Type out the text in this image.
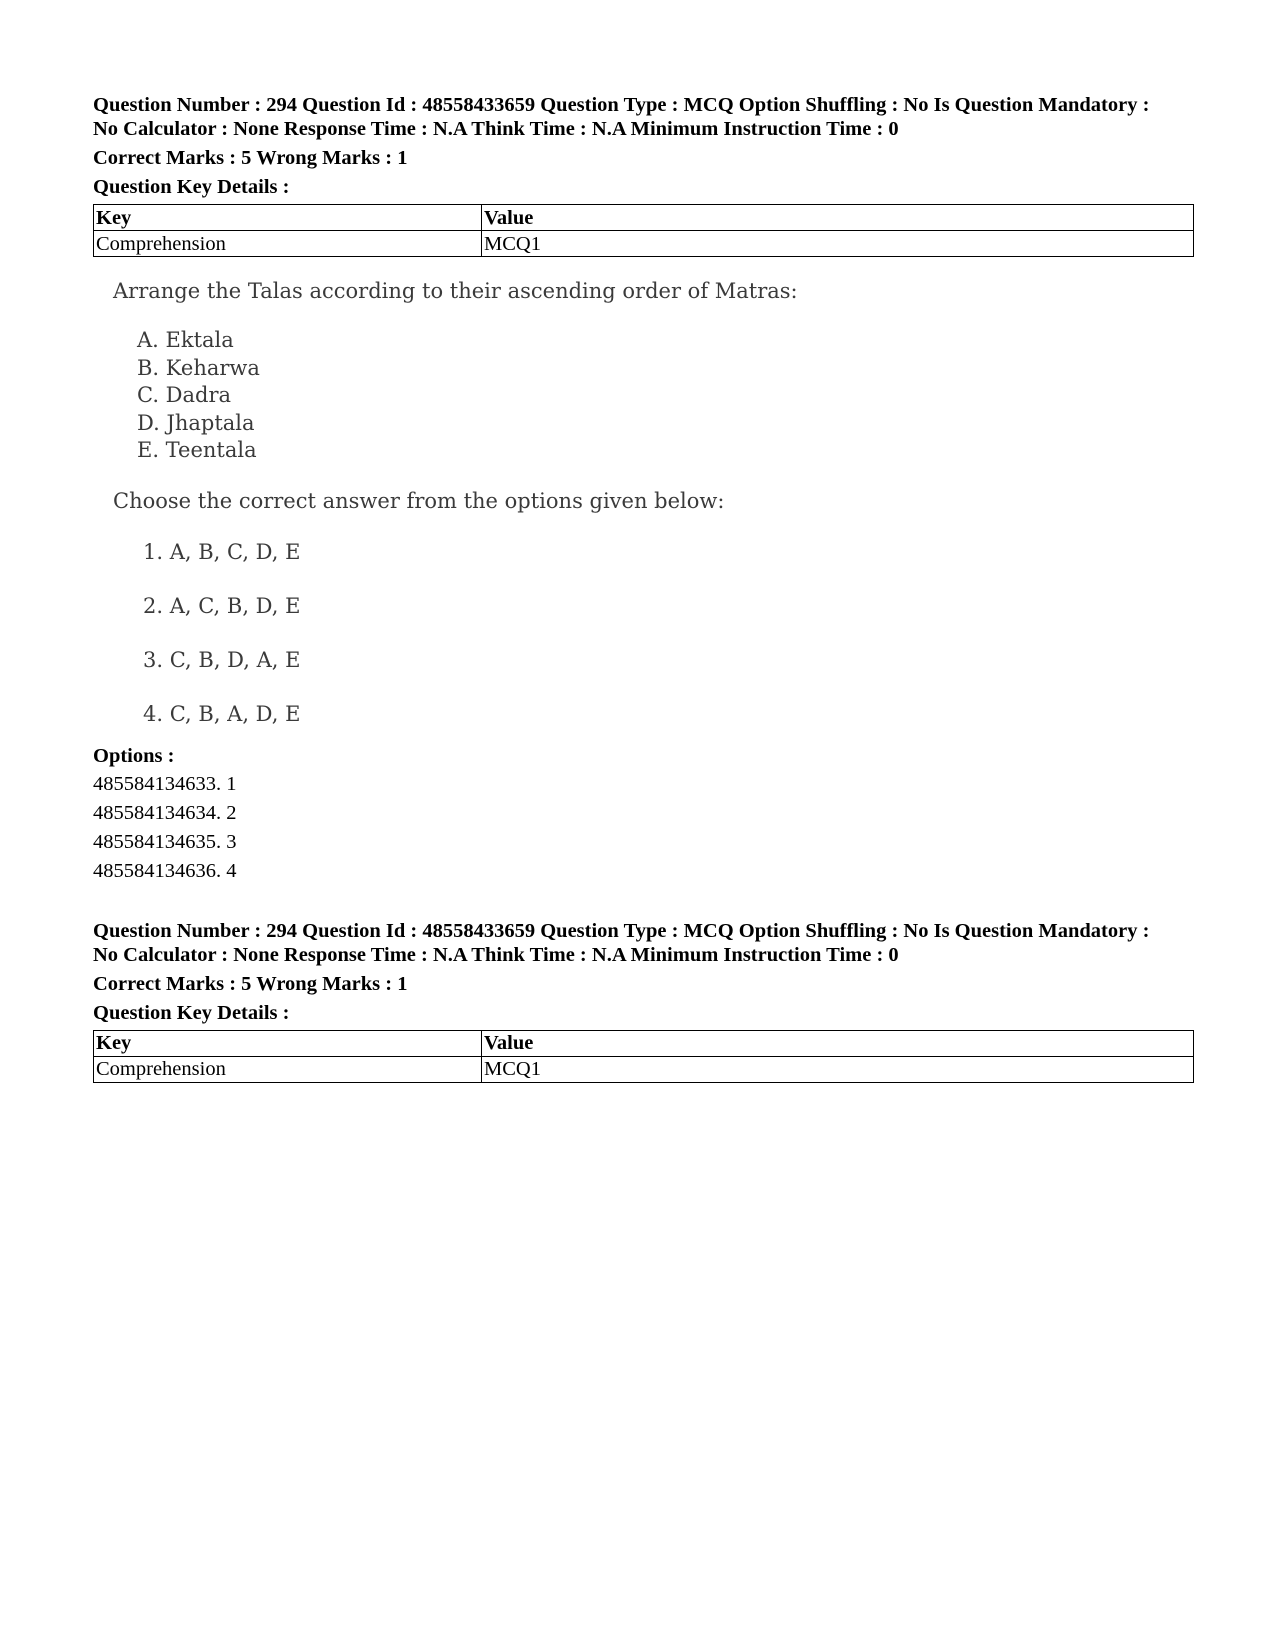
Question Number : 294 Question Id : 48558433659 Question Type : MCQ Option Shuffling : No Is Question Mandatory :

No Calculator : None Response Time : N.A Think Time : N.A Minimum Instruction Time : 0

Correct Marks : 5 Wrong Marks : 1
Question Key Details :
Key	Value
Comprehension	MCQ1

Arrange the Talas according to their ascending order of Matras:

A. Ektala
B. Keharwa
C. Dadra
D. Jhaptala
E. Teentala
Choose the correct answer from the options given below:
1. A, B, C, D, E
2. A, C, B, D, E
3. C, B, D, A, E
4. C, B, A, D, E
Options :
485584134633. 1
485584134634. 2
485584134635. 3
485584134636. 4

Question Number : 294 Question Id : 48558433659 Question Type : MCQ Option Shuffling : No Is Question Mandatory :

No Calculator : None Response Time : N.A Think Time : N.A Minimum Instruction Time : 0

Correct Marks : 5 Wrong Marks : 1
Question Key Details :
Key	Value
Comprehension	MCQ1
